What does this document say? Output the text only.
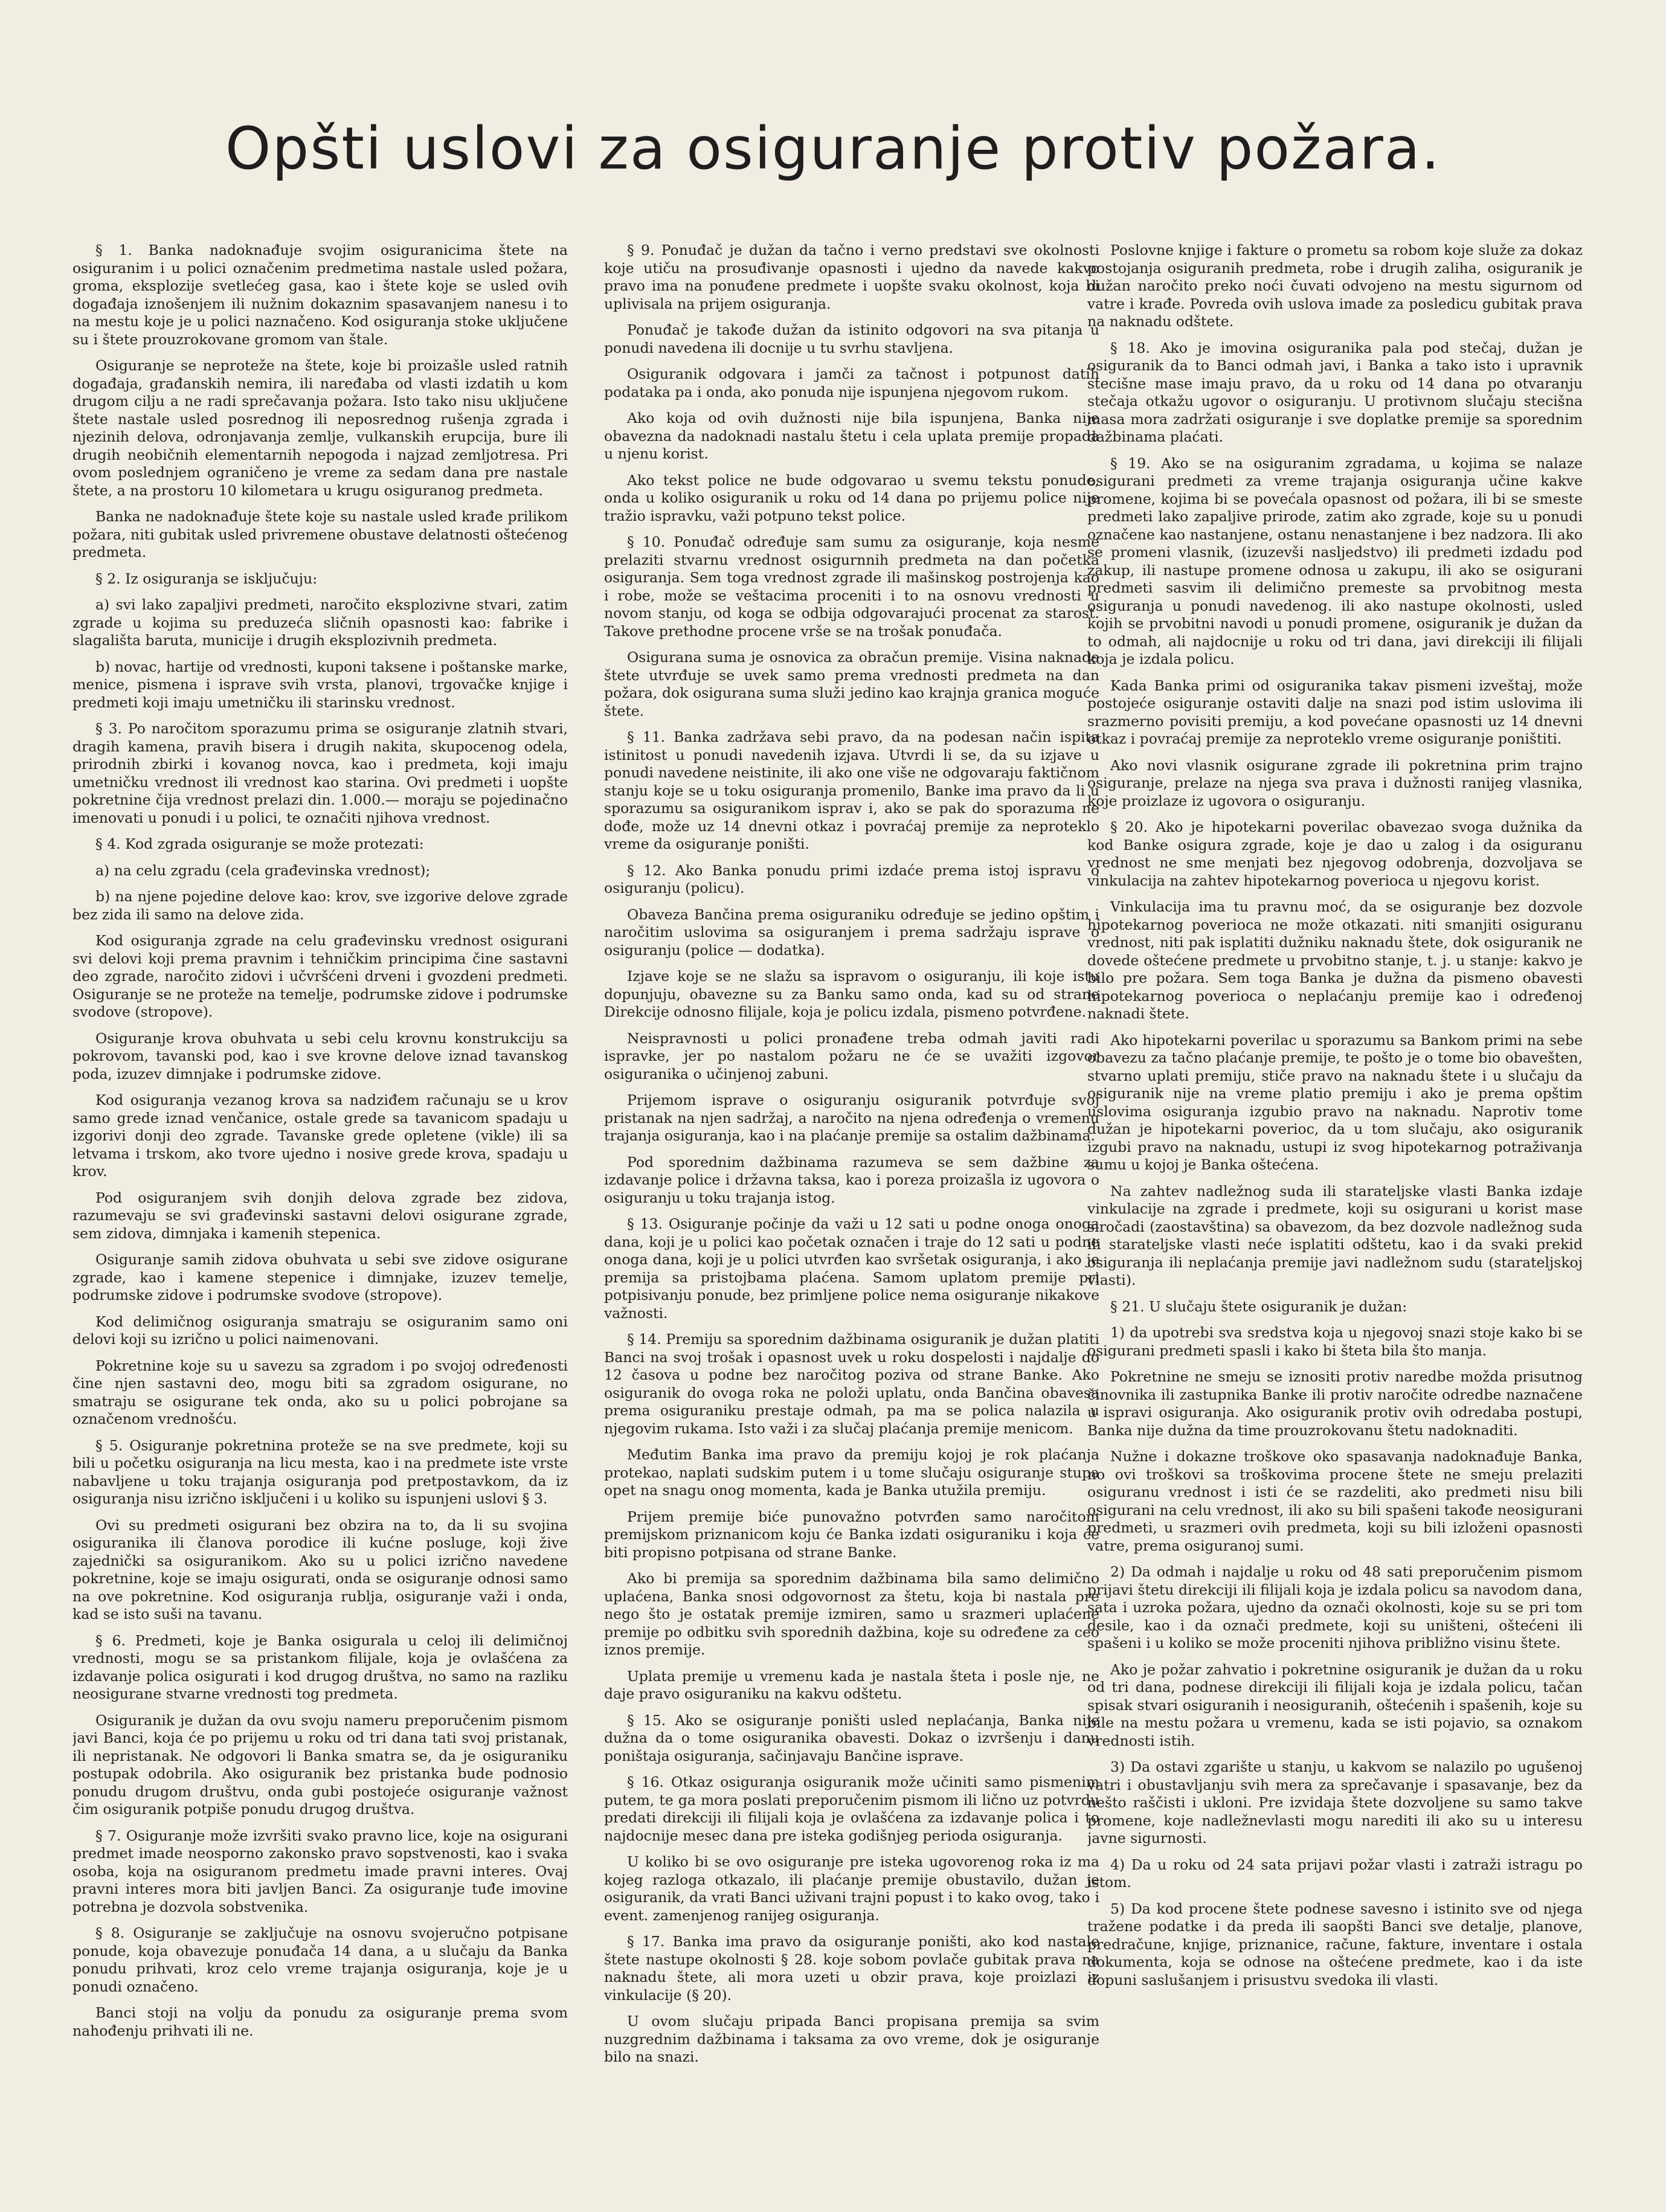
Opšti uslovi za osiguranje protiv požara.

§ 1. Banka nadoknađuje svojim osiguranicima štete na osiguranim i u polici označenim predmetima nastale usled požara, groma, eksplozije svetlećeg gasa, kao i štete koje se usled ovih događaja iznošenjem ili nužnim dokaznim spasavanjem nanesu i to na mestu koje je u polici naznačeno. Kod osiguranja stoke uključene su i štete prouzrokovane gromom van štale.

Osiguranje se neproteže na štete, koje bi proizašle usled ratnih događaja, građanskih nemira, ili naređaba od vlasti izdatih u kom drugom cilju a ne radi sprečavanja požara. Isto tako nisu uključene štete nastale usled posrednog ili neposrednog rušenja zgrada i njezinih delova, odronjavanja zemlje, vulkanskih erupcija, bure ili drugih neobičnih elementarnih nepogoda i najzad zemljotresa. Pri ovom poslednjem ograničeno je vreme za sedam dana pre nastale štete, a na prostoru 10 kilometara u krugu osiguranog predmeta.

Banka ne nadoknađuje štete koje su nastale usled krađe prilikom požara, niti gubitak usled privremene obustave delatnosti oštećenog predmeta.

§ 2. Iz osiguranja se isključuju:

a) svi lako zapaljivi predmeti, naročito eksplozivne stvari, zatim zgrade u kojima su preduzeća sličnih opasnosti kao: fabrike i slagališta baruta, municije i drugih eksplozivnih predmeta.

b) novac, hartije od vrednosti, kuponi taksene i poštanske marke, menice, pismena i isprave svih vrsta, planovi, trgovačke knjige i predmeti koji imaju umetničku ili starinsku vrednost.

§ 3. Po naročitom sporazumu prima se osiguranje zlatnih stvari, dragih kamena, pravih bisera i drugih nakita, skupocenog odela, prirodnih zbirki i kovanog novca, kao i predmeta, koji imaju umetničku vrednost ili vrednost kao starina. Ovi predmeti i uopšte pokretnine čija vrednost prelazi din. 1.000.— moraju se pojedinačno imenovati u ponudi i u polici, te označiti njihova vrednost.

§ 4. Kod zgrada osiguranje se može protezati:

a) na celu zgradu (cela građevinska vrednost);

b) na njene pojedine delove kao: krov, sve izgorive delove zgrade bez zida ili samo na delove zida.

Kod osiguranja zgrade na celu građevinsku vrednost osigurani svi delovi koji prema pravnim i tehničkim principima čine sastavni deo zgrade, naročito zidovi i učvršćeni drveni i gvozdeni predmeti. Osiguranje se ne proteže na temelje, podrumske zidove i podrumske svodove (stropove).

Osiguranje krova obuhvata u sebi celu krovnu konstrukciju sa pokrovom, tavanski pod, kao i sve krovne delove iznad tavanskog poda, izuzev dimnjake i podrumske zidove.

Kod osiguranja vezanog krova sa nadziđem računaju se u krov samo grede iznad venčanice, ostale grede sa tavanicom spadaju u izgorivi donji deo zgrade. Tavanske grede opletene (vikle) ili sa letvama i trskom, ako tvore ujedno i nosive grede krova, spadaju u krov.

Pod osiguranjem svih donjih delova zgrade bez zidova, razumevaju se svi građevinski sastavni delovi osigurane zgrade, sem zidova, dimnjaka i kamenih stepenica.

Osiguranje samih zidova obuhvata u sebi sve zidove osigurane zgrade, kao i kamene stepenice i dimnjake, izuzev temelje, podrumske zidove i podrumske svodove (stropove).

Kod delimičnog osiguranja smatraju se osiguranim samo oni delovi koji su izrično u polici naimenovani.

Pokretnine koje su u savezu sa zgradom i po svojoj određenosti čine njen sastavni deo, mogu biti sa zgradom osigurane, no smatraju se osigurane tek onda, ako su u polici pobrojane sa označenom vrednošću.

§ 5. Osiguranje pokretnina proteže se na sve predmete, koji su bili u početku osiguranja na licu mesta, kao i na predmete iste vrste nabavljene u toku trajanja osiguranja pod pretpostavkom, da iz osiguranja nisu izrično isključeni i u koliko su ispunjeni uslovi § 3.

Ovi su predmeti osigurani bez obzira na to, da li su svojina osiguranika ili članova porodice ili kućne posluge, koji žive zajednički sa osiguranikom. Ako su u polici izrično navedene pokretnine, koje se imaju osigurati, onda se osiguranje odnosi samo na ove pokretnine. Kod osiguranja rublja, osiguranje važi i onda, kad se isto suši na tavanu.

§ 6. Predmeti, koje je Banka osigurala u celoj ili delimičnoj vrednosti, mogu se sa pristankom filijale, koja je ovlašćena za izdavanje polica osigurati i kod drugog društva, no samo na razliku neosigurane stvarne vrednosti tog predmeta.

Osiguranik je dužan da ovu svoju nameru preporučenim pismom javi Banci, koja će po prijemu u roku od tri dana tati svoj pristanak, ili nepristanak. Ne odgovori li Banka smatra se, da je osiguraniku postupak odobrila. Ako osiguranik bez pristanka bude podnosio ponudu drugom društvu, onda gubi postojeće osiguranje važnost čim osiguranik potpiše ponudu drugog društva.

§ 7. Osiguranje može izvršiti svako pravno lice, koje na osigurani predmet imade neosporno zakonsko pravo sopstvenosti, kao i svaka osoba, koja na osiguranom predmetu imade pravni interes. Ovaj pravni interes mora biti javljen Banci. Za osiguranje tuđe imovine potrebna je dozvola sobstvenika.

§ 8. Osiguranje se zaključuje na osnovu svojeručno potpisane ponude, koja obavezuje ponuđača 14 dana, a u slučaju da Banka ponudu prihvati, kroz celo vreme trajanja osiguranja, koje je u ponudi označeno.

Banci stoji na volju da ponudu za osiguranje prema svom nahođenju prihvati ili ne.

§ 9. Ponuđač je dužan da tačno i verno predstavi sve okolnosti koje utiču na prosuđivanje opasnosti i ujedno da navede kakvo pravo ima na ponuđene predmete i uopšte svaku okolnost, koja bi uplivisala na prijem osiguranja.

Ponuđač je takođe dužan da istinito odgovori na sva pitanja u ponudi navedena ili docnije u tu svrhu stavljena.

Osiguranik odgovara i jamči za tačnost i potpunost datih podataka pa i onda, ako ponuda nije ispunjena njegovom rukom.

Ako koja od ovih dužnosti nije bila ispunjena, Banka nije obavezna da nadoknadi nastalu štetu i cela uplata premije propada u njenu korist.

Ako tekst police ne bude odgovarao u svemu tekstu ponude, onda u koliko osiguranik u roku od 14 dana po prijemu police nije tražio ispravku, važi potpuno tekst police.

§ 10. Ponuđač određuje sam sumu za osiguranje, koja nesme prelaziti stvarnu vrednost osigurnnih predmeta na dan početka osiguranja. Sem toga vrednost zgrade ili mašinskog postrojenja kao i robe, može se veštacima proceniti i to na osnovu vrednosti u novom stanju, od koga se odbija odgovarajući procenat za starost. Takove prethodne procene vrše se na trošak ponuđača.

Osigurana suma je osnovica za obračun premije. Visina naknade štete utvrđuje se uvek samo prema vrednosti predmeta na dan požara, dok osigurana suma služi jedino kao krajnja granica moguće štete.

§ 11. Banka zadržava sebi pravo, da na podesan način ispita istinitost u ponudi navedenih izjava. Utvrdi li se, da su izjave u ponudi navedene neistinite, ili ako one više ne odgovaraju faktičnom stanju koje se u toku osiguranja promenilo, Banke ima pravo da li u sporazumu sa osiguranikom isprav i, ako se pak do sporazuma ne dođe, može uz 14 dnevni otkaz i povraćaj premije za neproteklo vreme da osiguranje poništi.

§ 12. Ako Banka ponudu primi izdaće prema istoj ispravu o osiguranju (policu).

Obaveza Bančina prema osiguraniku određuje se jedino opštim i naročitim uslovima sa osiguranjem i prema sadržaju isprave o osiguranju (police — dodatka).

Izjave koje se ne slažu sa ispravom o osiguranju, ili koje istu dopunjuju, obavezne su za Banku samo onda, kad su od strane Direkcije odnosno filijale, koja je policu izdala, pismeno potvrđene.

Neispravnosti u polici pronađene treba odmah javiti radi ispravke, jer po nastalom požaru ne će se uvažiti izgovor osiguranika o učinjenoj zabuni.

Prijemom isprave o osiguranju osiguranik potvrđuje svoj pristanak na njen sadržaj, a naročito na njena određenja o vremenu trajanja osiguranja, kao i na plaćanje premije sa ostalim dažbinama.

Pod sporednim dažbinama razumeva se sem dažbine za izdavanje police i državna taksa, kao i poreza proizašla iz ugovora o osiguranju u toku trajanja istog.

§ 13. Osiguranje počinje da važi u 12 sati u podne onoga onoga dana, koji je u polici kao početak označen i traje do 12 sati u podne onoga dana, koji je u polici utvrđen kao svršetak osiguranja, i ako je premija sa pristojbama plaćena. Samom uplatom premije pri potpisivanju ponude, bez primljene police nema osiguranje nikakove važnosti.

§ 14. Premiju sa sporednim dažbinama osiguranik je dužan platiti Banci na svoj trošak i opasnost uvek u roku dospelosti i najdalje do 12 časova u podne bez naročitog poziva od strane Banke. Ako osiguranik do ovoga roka ne položi uplatu, onda Bančina obavesa prema osiguraniku prestaje odmah, pa ma se polica nalazila u njegovim rukama. Isto važi i za slučaj plaćanja premije menicom.

Međutim Banka ima pravo da premiju kojoj je rok plaćanja protekao, naplati sudskim putem i u tome slučaju osiguranje stupa opet na snagu onog momenta, kada je Banka utužila premiju.

Prijem premije biće punovažno potvrđen samo naročitom premijskom priznanicom koju će Banka izdati osiguraniku i koja će biti propisno potpisana od strane Banke.

Ako bi premija sa sporednim dažbinama bila samo delimično uplaćena, Banka snosi odgovornost za štetu, koja bi nastala pre nego što je ostatak premije izmiren, samo u srazmeri uplaćene premije po odbitku svih sporednih dažbina, koje su određene za ceo iznos premije.

Uplata premije u vremenu kada je nastala šteta i posle nje, ne daje pravo osiguraniku na kakvu odštetu.

§ 15. Ako se osiguranje poništi usled neplaćanja, Banka nije dužna da o tome osiguranika obavesti. Dokaz o izvršenju i danu poništaja osiguranja, sačinjavaju Bančine isprave.

§ 16. Otkaz osiguranja osiguranik može učiniti samo pismenim putem, te ga mora poslati preporučenim pismom ili lično uz potvrdu predati direkciji ili filijali koja je ovlašćena za izdavanje polica i to najdocnije mesec dana pre isteka godišnjeg perioda osiguranja.

U koliko bi se ovo osiguranje pre isteka ugovorenog roka iz ma kojeg razloga otkazalo, ili plaćanje premije obustavilo, dužan je osiguranik, da vrati Banci uživani trajni popust i to kako ovog, tako i event. zamenjenog ranijeg osiguranja.

§ 17. Banka ima pravo da osiguranje poništi, ako kod nastale štete nastupe okolnosti § 28. koje sobom povlače gubitak prava na naknadu štete, ali mora uzeti u obzir prava, koje proizlazi iz vinkulacije (§ 20).

U ovom slučaju pripada Banci propisana premija sa svim nuzgrednim dažbinama i taksama za ovo vreme, dok je osiguranje bilo na snazi.

Poslovne knjige i fakture o prometu sa robom koje služe za dokaz postojanja osiguranih predmeta, robe i drugih zaliha, osiguranik je dužan naročito preko noći čuvati odvojeno na mestu sigurnom od vatre i krađe. Povreda ovih uslova imade za posledicu gubitak prava na naknadu odštete.

§ 18. Ako je imovina osiguranika pala pod stečaj, dužan je osiguranik da to Banci odmah javi, i Banka a tako isto i upravnik stecišne mase imaju pravo, da u roku od 14 dana po otvaranju stečaja otkažu ugovor o osiguranju. U protivnom slučaju stecišna masa mora zadržati osiguranje i sve doplatke premije sa sporednim dažbinama plaćati.

§ 19. Ako se na osiguranim zgradama, u kojima se nalaze osigurani predmeti za vreme trajanja osiguranja učine kakve promene, kojima bi se povećala opasnost od požara, ili bi se smeste predmeti lako zapaljive prirode, zatim ako zgrade, koje su u ponudi označene kao nastanjene, ostanu nenastanjene i bez nadzora. Ili ako se promeni vlasnik, (izuzevši nasljedstvo) ili predmeti izdadu pod zakup, ili nastupe promene odnosa u zakupu, ili ako se osigurani predmeti sasvim ili delimično premeste sa prvobitnog mesta osiguranja u ponudi navedenog. ili ako nastupe okolnosti, usled kojih se prvobitni navodi u ponudi promene, osiguranik je dužan da to odmah, ali najdocnije u roku od tri dana, javi direkciji ili filijali koja je izdala policu.

Kada Banka primi od osiguranika takav pismeni izveštaj, može postojeće osiguranje ostaviti dalje na snazi pod istim uslovima ili srazmerno povisiti premiju, a kod povećane opasnosti uz 14 dnevni otkaz i povraćaj premije za neproteklo vreme osiguranje poništiti.

Ako novi vlasnik osigurane zgrade ili pokretnina prim trajno osiguranje, prelaze na njega sva prava i dužnosti ranijeg vlasnika, koje proizlaze iz ugovora o osiguranju.

§ 20. Ako je hipotekarni poverilac obavezao svoga dužnika da kod Banke osigura zgrade, koje je dao u zalog i da osiguranu vrednost ne sme menjati bez njegovog odobrenja, dozvoljava se vinkulacija na zahtev hipotekarnog poverioca u njegovu korist.

Vinkulacija ima tu pravnu moć, da se osiguranje bez dozvole hipotekarnog poverioca ne može otkazati. niti smanjiti osiguranu vrednost, niti pak isplatiti dužniku naknadu štete, dok osiguranik ne dovede oštećene predmete u prvobitno stanje, t. j. u stanje: kakvo je bilo pre požara. Sem toga Banka je dužna da pismeno obavesti hipotekarnog poverioca o neplaćanju premije kao i određenoj naknadi štete.

Ako hipotekarni poverilac u sporazumu sa Bankom primi na sebe obavezu za tačno plaćanje premije, te pošto je o tome bio obavešten, stvarno uplati premiju, stiče pravo na naknadu štete i u slučaju da osiguranik nije na vreme platio premiju i ako je prema opštim uslovima osiguranja izgubio pravo na naknadu. Naprotiv tome dužan je hipotekarni poverioc, da u tom slučaju, ako osiguranik izgubi pravo na naknadu, ustupi iz svog hipotekarnog potraživanja sumu u kojoj je Banka oštećena.

Na zahtev nadležnog suda ili starateljske vlasti Banka izdaje vinkulacije na zgrade i predmete, koji su osigurani u korist mase siročadi (zaostavština) sa obavezom, da bez dozvole nadležnog suda ili starateljske vlasti neće isplatiti odštetu, kao i da svaki prekid osiguranja ili neplaćanja premije javi nadležnom sudu (starateljskoj vlasti).

§ 21. U slučaju štete osiguranik je dužan:

1) da upotrebi sva sredstva koja u njegovoj snazi stoje kako bi se osigurani predmeti spasli i kako bi šteta bila što manja.

Pokretnine ne smeju se iznositi protiv naredbe možda prisutnog činovnika ili zastupnika Banke ili protiv naročite odredbe naznačene u ispravi osiguranja. Ako osiguranik protiv ovih odredaba postupi, Banka nije dužna da time prouzrokovanu štetu nadoknaditi.

Nužne i dokazne troškove oko spasavanja nadoknađuje Banka, no ovi troškovi sa troškovima procene štete ne smeju prelaziti osiguranu vrednost i isti će se razdeliti, ako predmeti nisu bili osigurani na celu vrednost, ili ako su bili spašeni takođe neosigurani predmeti, u srazmeri ovih predmeta, koji su bili izloženi opasnosti vatre, prema osiguranoj sumi.

2) Da odmah i najdalje u roku od 48 sati preporučenim pismom prijavi štetu direkciji ili filijali koja je izdala policu sa navodom dana, sata i uzroka požara, ujedno da označi okolnosti, koje su se pri tom desile, kao i da označi predmete, koji su uništeni, oštećeni ili spašeni i u koliko se može proceniti njihova približno visinu štete.

Ako je požar zahvatio i pokretnine osiguranik je dužan da u roku od tri dana, podnese direkciji ili filijali koja je izdala policu, tačan spisak stvari osiguranih i neosiguranih, oštećenih i spašenih, koje su bile na mestu požara u vremenu, kada se isti pojavio, sa oznakom vrednosti istih.

3) Da ostavi zgarište u stanju, u kakvom se nalazilo po ugušenoj vatri i obustavljanju svih mera za sprečavanje i spasavanje, bez da nešto raščisti i ukloni. Pre izvidaja štete dozvoljene su samo takve promene, koje nadležnevlasti mogu narediti ili ako su u interesu javne sigurnosti.

4) Da u roku od 24 sata prijavi požar vlasti i zatraži istragu po istom.

5) Da kod procene štete podnese savesno i istinito sve od njega tražene podatke i da preda ili saopšti Banci sve detalje, planove, predračune, knjige, priznanice, račune, fakture, inventare i ostala dokumenta, koja se odnose na oštećene predmete, kao i da iste dopuni saslušanjem i prisustvu svedoka ili vlasti.
